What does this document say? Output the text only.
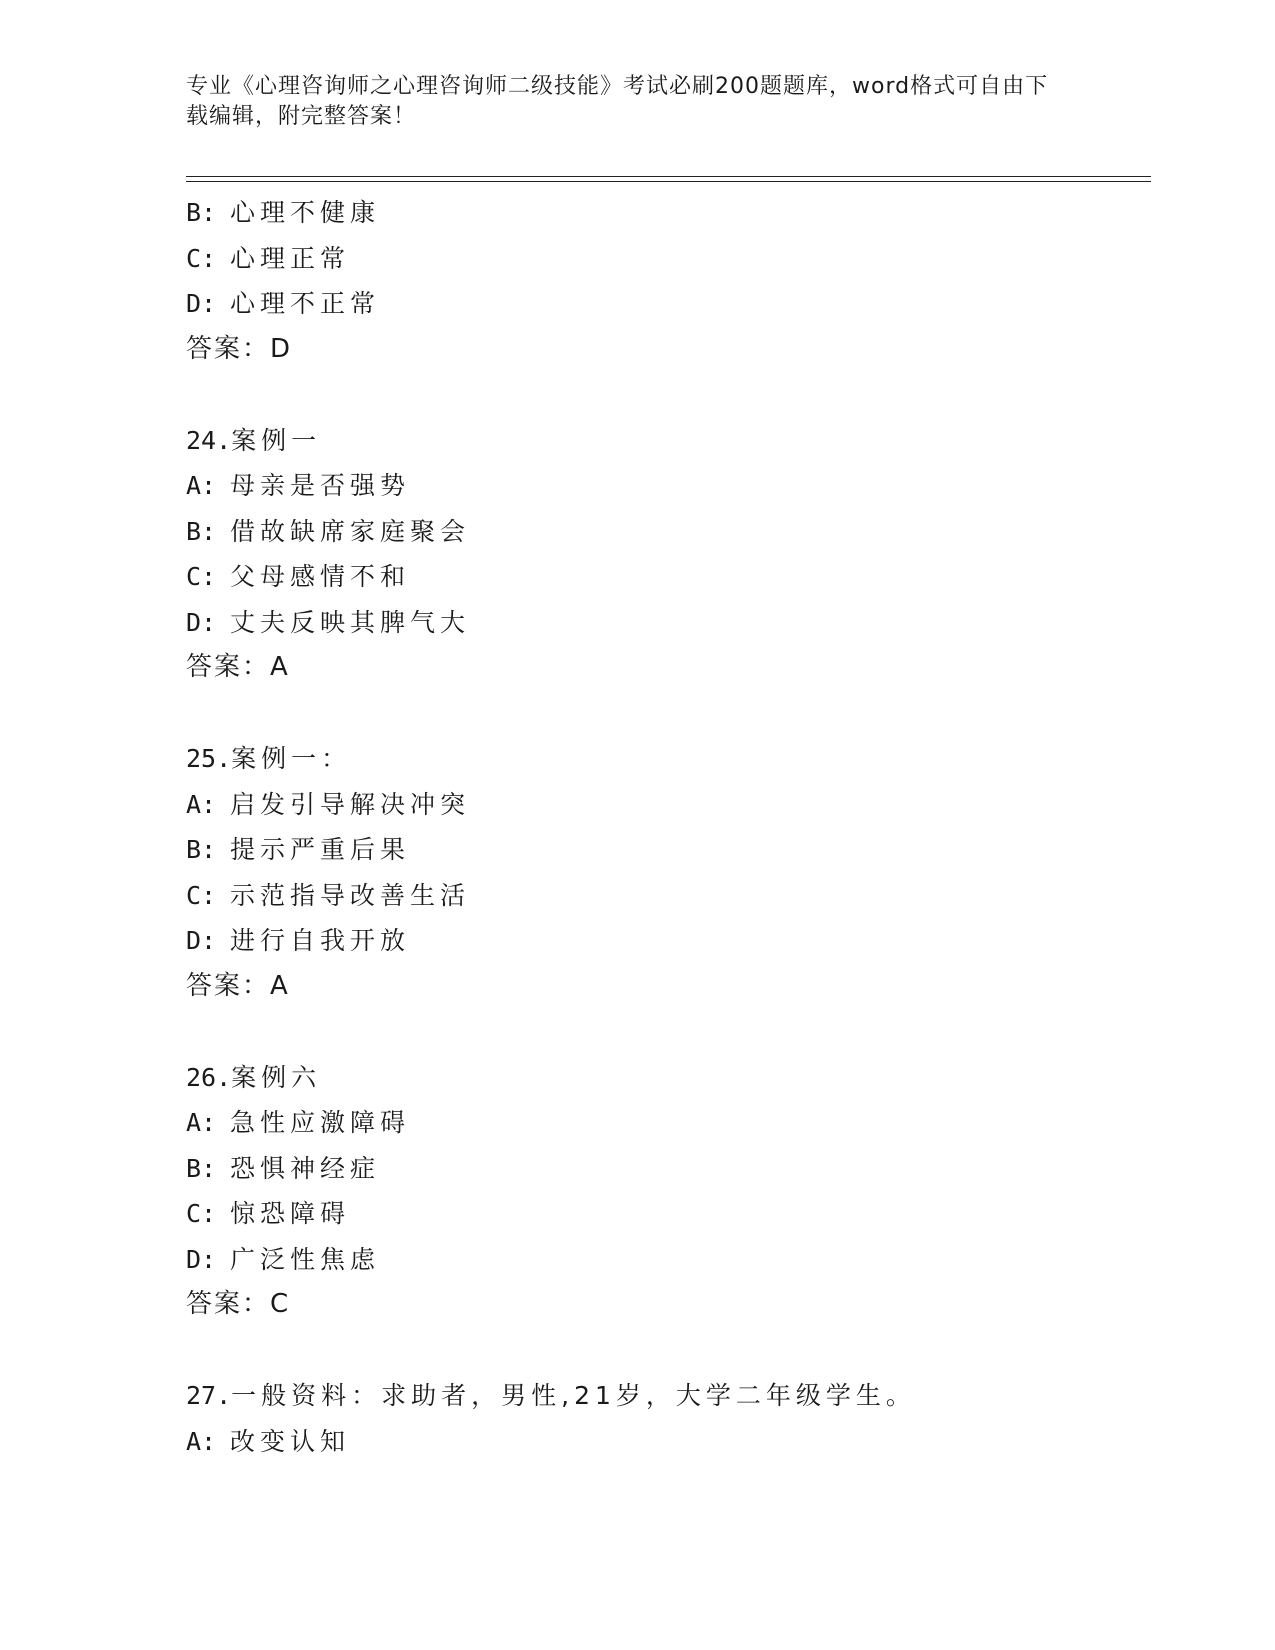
专业《心理咨询师之心理咨询师二级技能》考试必刷200题题库，word格式可自由下载编辑，附完整答案！
B: 心理不健康
C: 心理正常
D: 心理不正常
答案：D
24.案例一
A: 母亲是否强势
B: 借故缺席家庭聚会
C: 父母感情不和
D: 丈夫反映其脾气大
答案：A
25.案例一：
A: 启发引导解决冲突
B: 提示严重后果
C: 示范指导改善生活
D: 进行自我开放
答案：A
26.案例六
A: 急性应激障碍
B: 恐惧神经症
C: 惊恐障碍
D: 广泛性焦虑
答案：C
27.一般资料：求助者，男性,21岁，大学二年级学生。
A: 改变认知
